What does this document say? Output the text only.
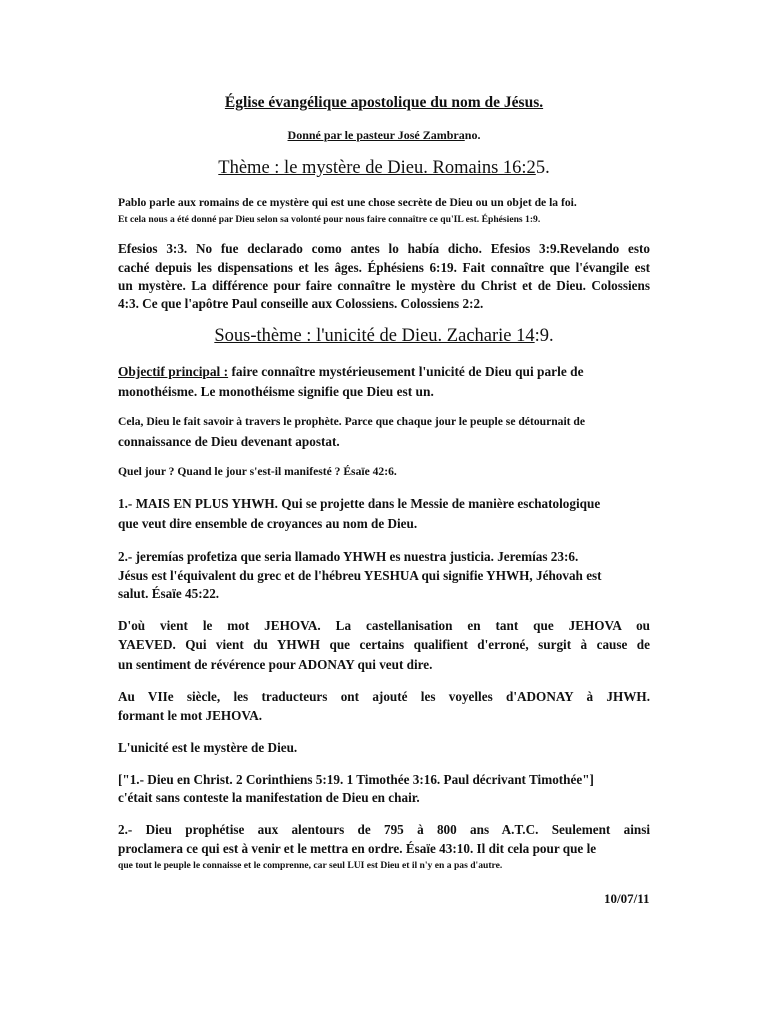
Église évangélique apostolique du nom de Jésus.
Donné par le pasteur José Zambrano.
Thème : le mystère de Dieu. Romains 16:25.
Pablo parle aux romains de ce mystère qui est une chose secrète de Dieu ou un objet de la foi.
Et cela nous a été donné par Dieu selon sa volonté pour nous faire connaître ce qu'IL est. Éphésiens 1:9.
Efesios 3:3. No fue declarado como antes lo había dicho. Efesios 3:9.Revelando esto
caché depuis les dispensations et les âges. Éphésiens 6:19. Fait connaître que l'évangile est
un mystère. La différence pour faire connaître le mystère du Christ et de Dieu. Colossiens
4:3. Ce que l'apôtre Paul conseille aux Colossiens. Colossiens 2:2.
Sous-thème : l'unicité de Dieu. Zacharie 14:9.
Objectif principal : faire connaître mystérieusement l'unicité de Dieu qui parle de
monothéisme. Le monothéisme signifie que Dieu est un.
Cela, Dieu le fait savoir à travers le prophète. Parce que chaque jour le peuple se détournait de
connaissance de Dieu devenant apostat.
Quel jour ? Quand le jour s'est-il manifesté ? Ésaïe 42:6.
1.- MAIS EN PLUS YHWH. Qui se projette dans le Messie de manière eschatologique
que veut dire ensemble de croyances au nom de Dieu.
2.- jeremías profetiza que seria llamado YHWH es nuestra justicia. Jeremías 23:6.
Jésus est l'équivalent du grec et de l'hébreu YESHUA qui signifie YHWH, Jéhovah est
salut. Ésaïe 45:22.
D'où vient le mot JEHOVA. La castellanisation en tant que JEHOVA ou
YAEVED. Qui vient du YHWH que certains qualifient d'erroné, surgit à cause de
un sentiment de révérence pour ADONAY qui veut dire.
Au VIIe siècle, les traducteurs ont ajouté les voyelles d'ADONAY à JHWH.
formant le mot JEHOVA.
L'unicité est le mystère de Dieu.
["1.- Dieu en Christ. 2 Corinthiens 5:19. 1 Timothée 3:16. Paul décrivant Timothée"]
c'était sans conteste la manifestation de Dieu en chair.
2.- Dieu prophétise aux alentours de 795 à 800 ans A.T.C. Seulement ainsi
proclamera ce qui est à venir et le mettra en ordre. Ésaïe 43:10. Il dit cela pour que le
que tout le peuple le connaisse et le comprenne, car seul LUI est Dieu et il n'y en a pas d'autre.
10/07/11
